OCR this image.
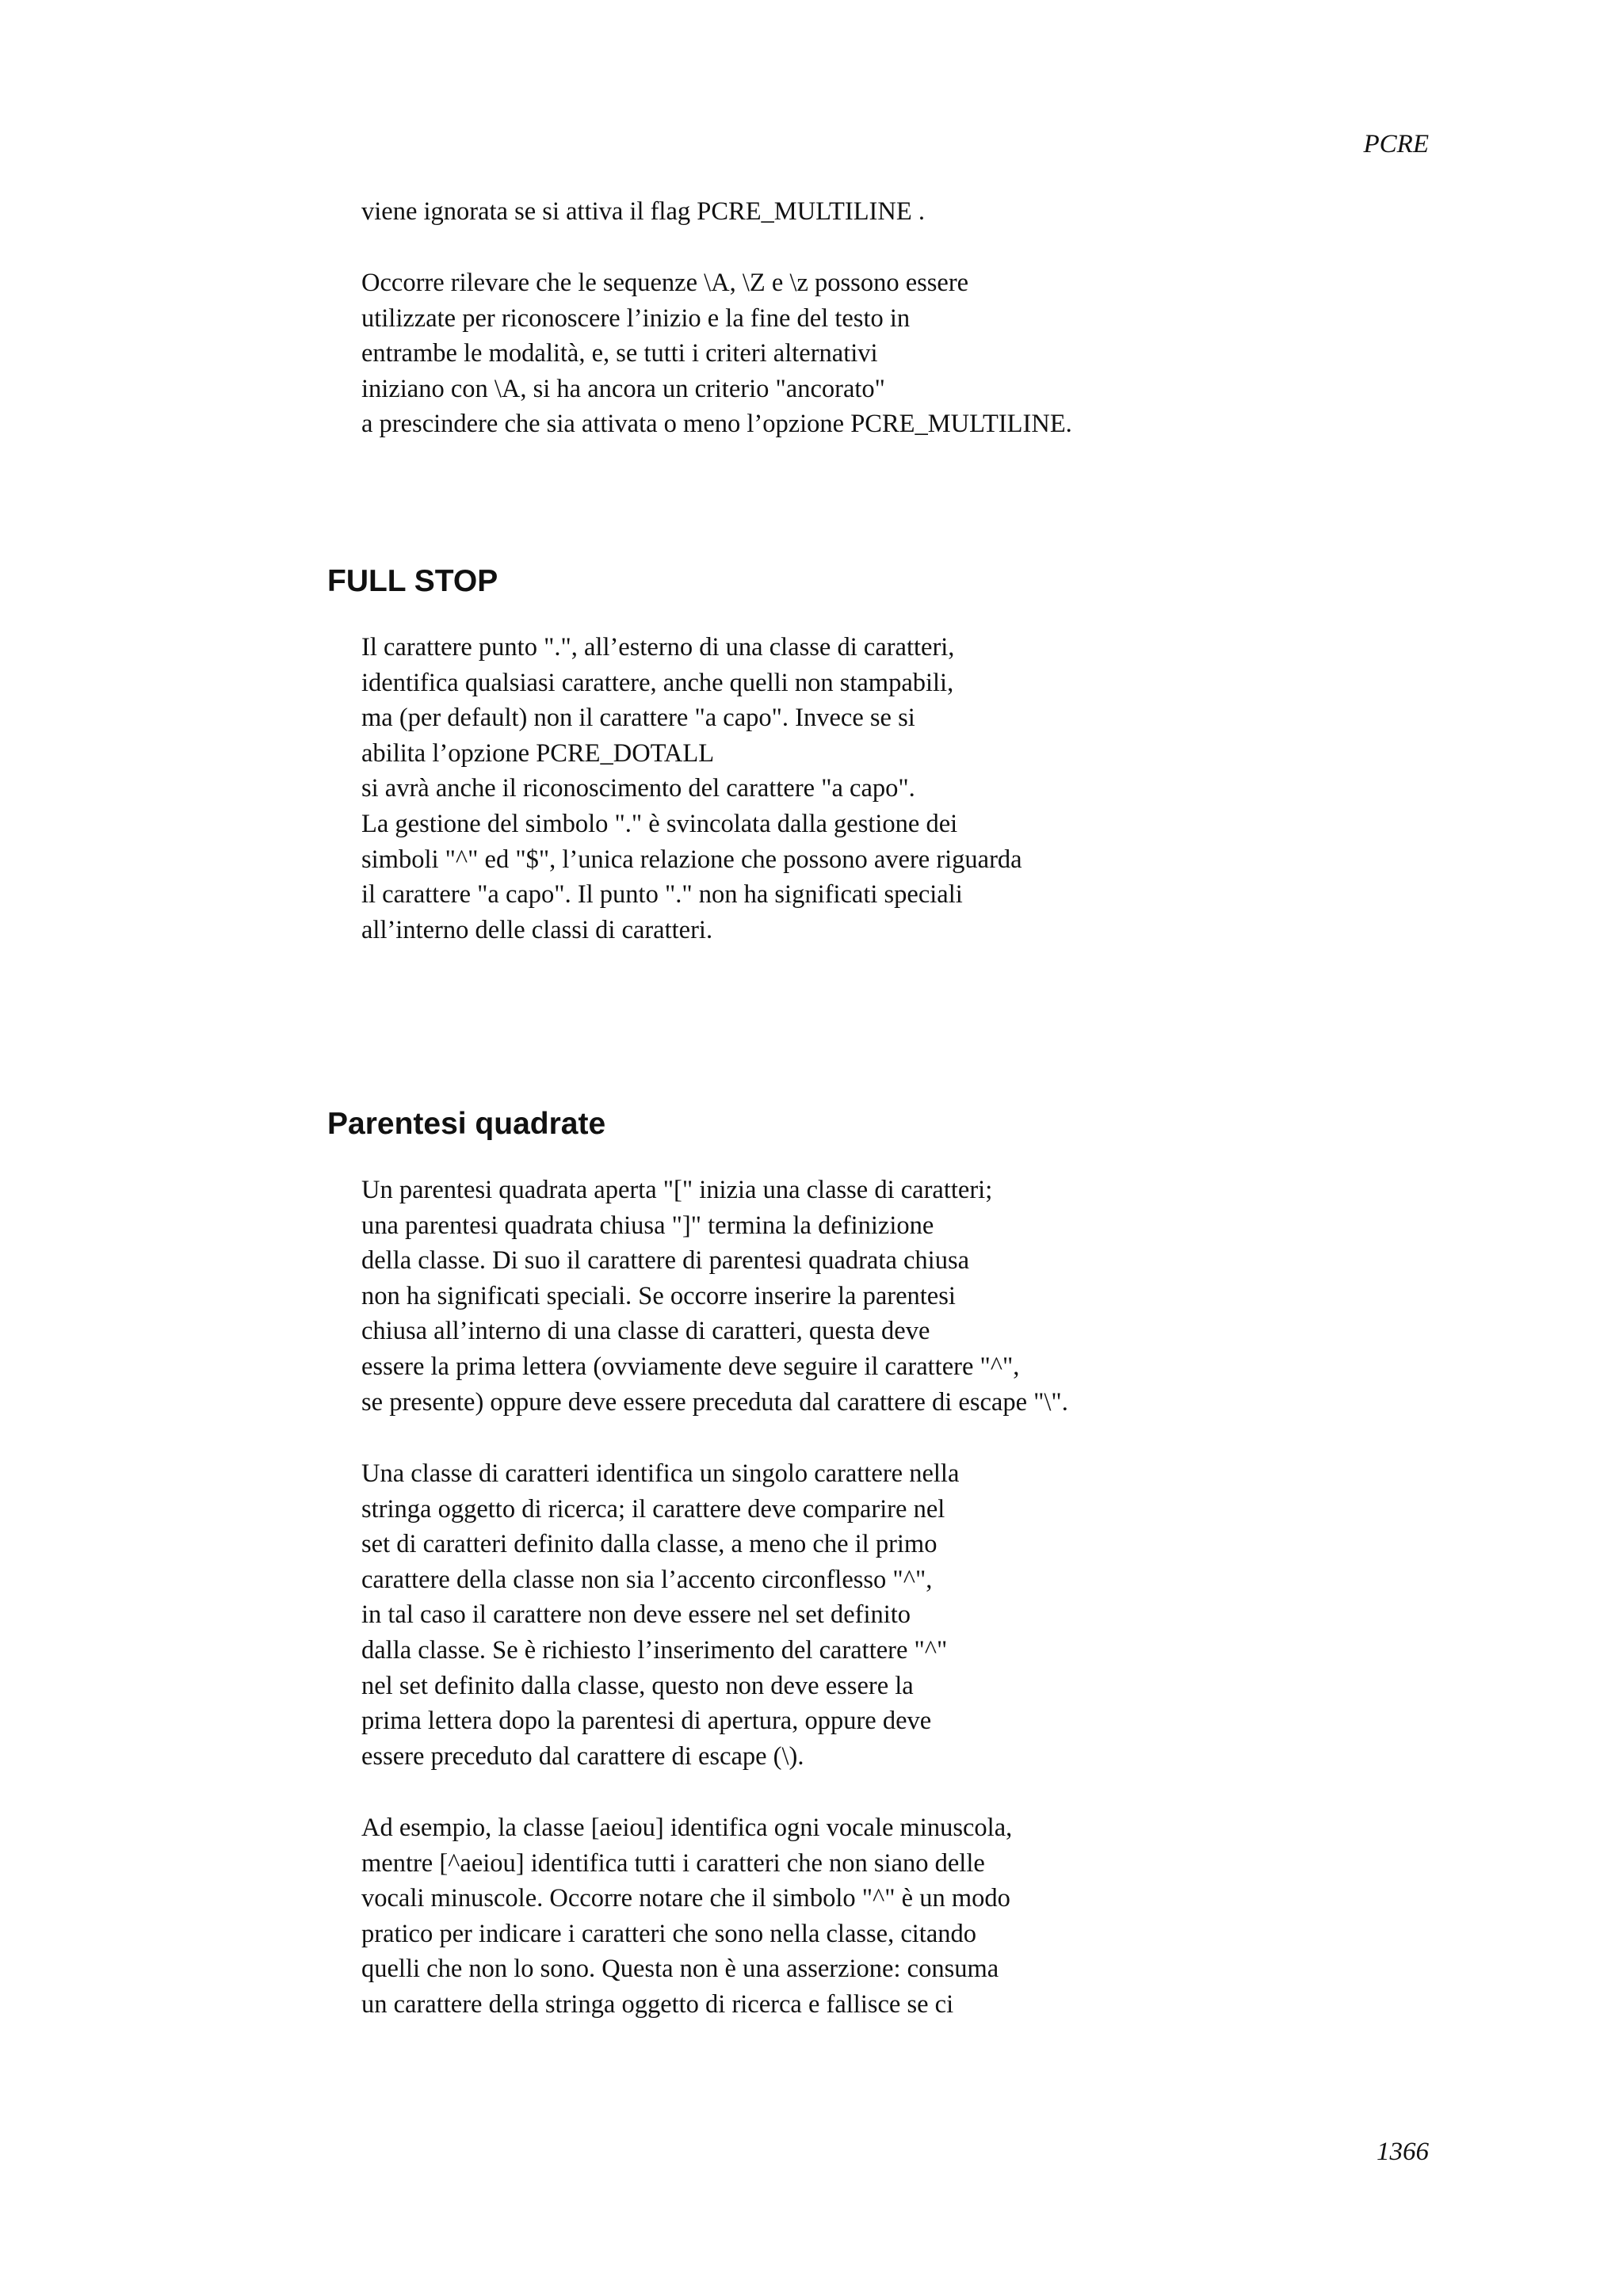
PCRE

viene ignorata se si attiva il flag PCRE_MULTILINE .

Occorre rilevare che le sequenze \A, \Z e \z possono essere
utilizzate per riconoscere l’inizio e la fine del testo in
entrambe le modalità, e, se tutti i criteri alternativi
iniziano con \A, si ha ancora un criterio "ancorato"
a prescindere che sia attivata o meno l’opzione PCRE_MULTILINE.

FULL STOP

Il carattere punto ".", all’esterno di una classe di caratteri,
identifica qualsiasi carattere, anche quelli non stampabili,
ma (per default) non il carattere "a capo". Invece se si
abilita l’opzione PCRE_DOTALL
si avrà anche il riconoscimento del carattere "a capo".
La gestione del simbolo "." è svincolata dalla gestione dei
simboli "^" ed "$", l’unica relazione che possono avere riguarda
il carattere "a capo". Il punto "." non ha significati speciali
all’interno delle classi di caratteri.

Parentesi quadrate

Un parentesi quadrata aperta "[" inizia una classe di caratteri;
una parentesi quadrata chiusa "]" termina la definizione
della classe. Di suo il carattere di parentesi quadrata chiusa
non ha significati speciali. Se occorre inserire la parentesi
chiusa all’interno di una classe di caratteri, questa deve
essere la prima lettera (ovviamente deve seguire il carattere "^",
se presente) oppure deve essere preceduta dal carattere di escape "\".

Una classe di caratteri identifica un singolo carattere nella
stringa oggetto di ricerca; il carattere deve comparire nel
set di caratteri definito dalla classe, a meno che il primo
carattere della classe non sia l’accento circonflesso "^",
in tal caso il carattere non deve essere nel set definito
dalla classe. Se è richiesto l’inserimento del carattere "^"
nel set definito dalla classe, questo non deve essere la
prima lettera dopo la parentesi di apertura, oppure deve
essere preceduto dal carattere di escape (\).

Ad esempio, la classe [aeiou] identifica ogni vocale minuscola,
mentre [^aeiou] identifica tutti i caratteri che non siano delle
vocali minuscole. Occorre notare che il simbolo "^" è un modo
pratico per indicare i caratteri che sono nella classe, citando
quelli che non lo sono. Questa non è una asserzione: consuma
un carattere della stringa oggetto di ricerca e fallisce se ci

1366
